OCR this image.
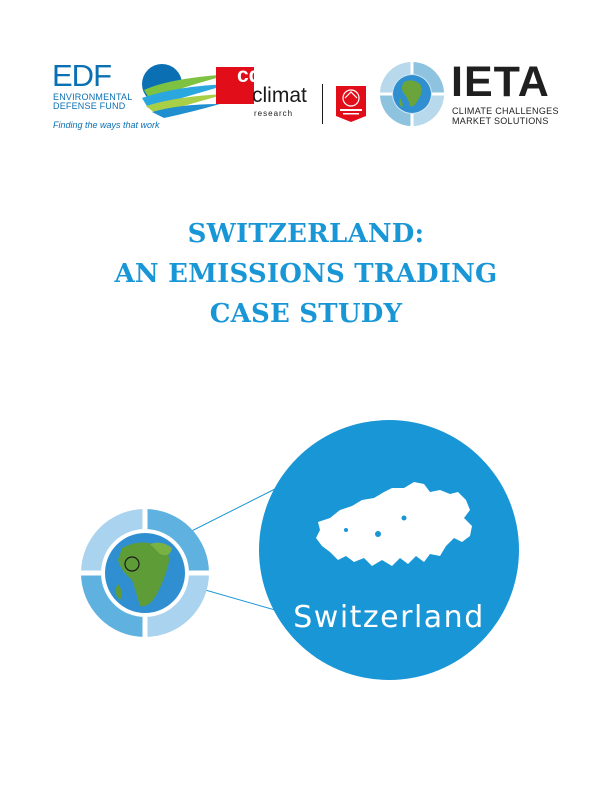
EDF
ENVIRONMENTAL
DEFENSE FUND
Finding the ways that work
cdc
climat
research
IETA
CLIMATE CHALLENGES
MARKET SOLUTIONS
SWITZERLAND:
AN EMISSIONS TRADING
CASE STUDY
Switzerland
